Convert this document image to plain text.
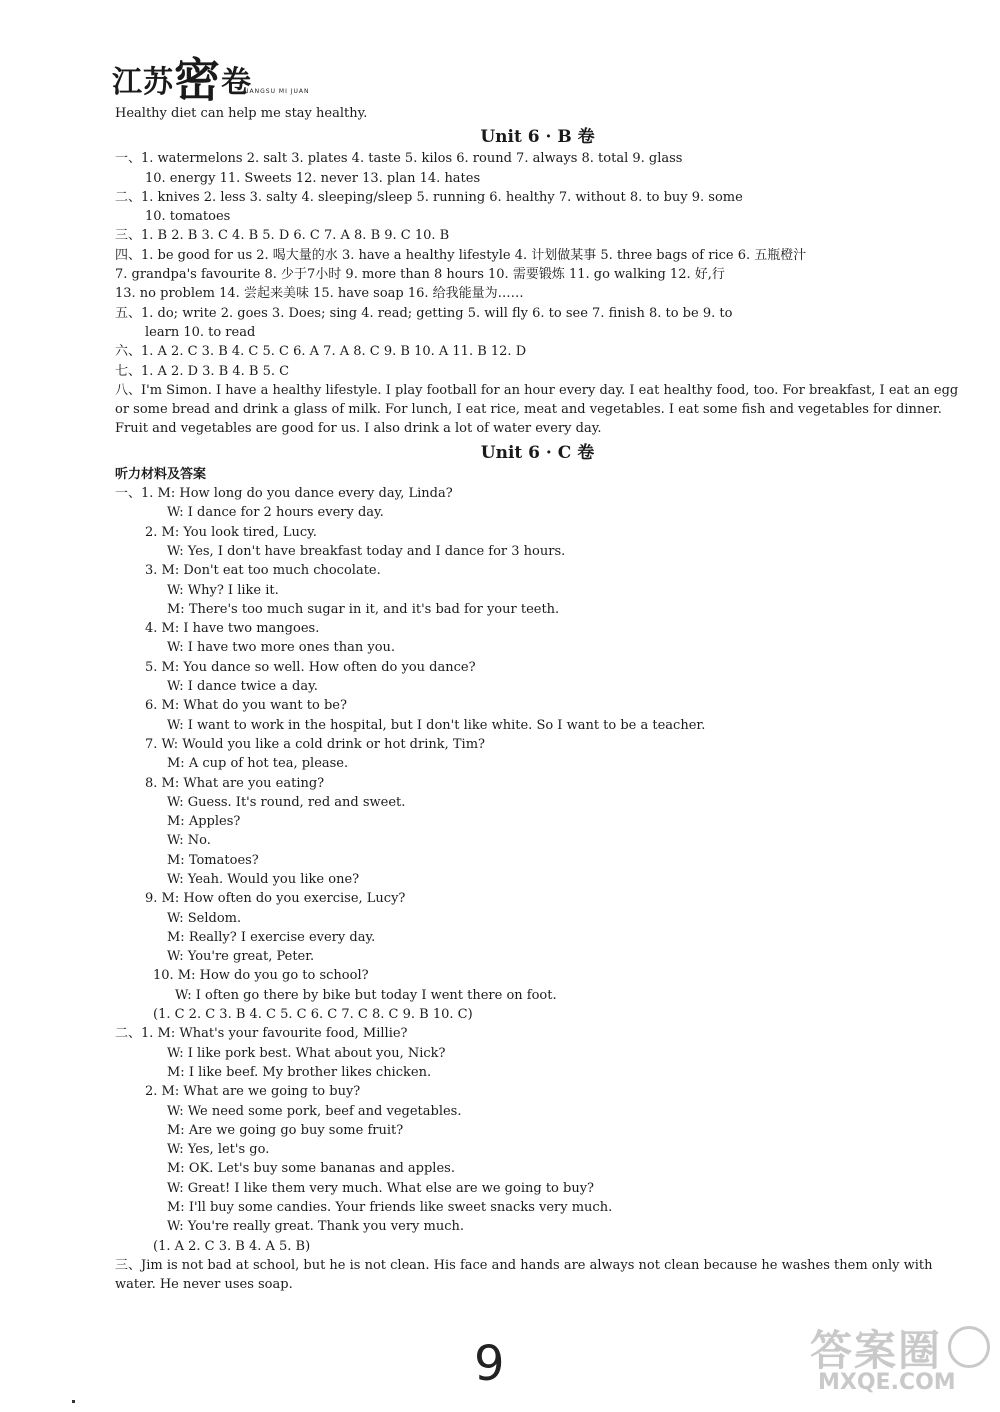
江苏密卷
JIANGSU MI JUAN
Healthy diet can help me stay healthy.
Unit 6 · B 卷
一、1. watermelons 2. salt 3. plates 4. taste 5. kilos 6. round 7. always 8. total 9. glass
10. energy 11. Sweets 12. never 13. plan 14. hates
二、1. knives 2. less 3. salty 4. sleeping/sleep 5. running 6. healthy 7. without 8. to buy 9. some
10. tomatoes
三、1. B 2. B 3. C 4. B 5. D 6. C 7. A 8. B 9. C 10. B
四、1. be good for us 2. 喝大量的水 3. have a healthy lifestyle 4. 计划做某事 5. three bags of rice 6. 五瓶橙汁
7. grandpa's favourite 8. 少于7小时 9. more than 8 hours 10. 需要锻炼 11. go walking 12. 好,行
13. no problem 14. 尝起来美味 15. have soap 16. 给我能量为……
五、1. do; write 2. goes 3. Does; sing 4. read; getting 5. will fly 6. to see 7. finish 8. to be 9. to
learn 10. to read
六、1. A 2. C 3. B 4. C 5. C 6. A 7. A 8. C 9. B 10. A 11. B 12. D
七、1. A 2. D 3. B 4. B 5. C
八、I'm Simon. I have a healthy lifestyle. I play football for an hour every day. I eat healthy food, too. For breakfast, I eat an egg or some bread and drink a glass of milk. For lunch, I eat rice, meat and vegetables. I eat some fish and vegetables for dinner. Fruit and vegetables are good for us. I also drink a lot of water every day.
Unit 6 · C 卷
听力材料及答案
一、1. M: How long do you dance every day, Linda?
W: I dance for 2 hours every day.
2. M: You look tired, Lucy.
W: Yes, I don't have breakfast today and I dance for 3 hours.
3. M: Don't eat too much chocolate.
W: Why? I like it.
M: There's too much sugar in it, and it's bad for your teeth.
4. M: I have two mangoes.
W: I have two more ones than you.
5. M: You dance so well. How often do you dance?
W: I dance twice a day.
6. M: What do you want to be?
W: I want to work in the hospital, but I don't like white. So I want to be a teacher.
7. W: Would you like a cold drink or hot drink, Tim?
M: A cup of hot tea, please.
8. M: What are you eating?
W: Guess. It's round, red and sweet.
M: Apples?
W: No.
M: Tomatoes?
W: Yeah. Would you like one?
9. M: How often do you exercise, Lucy?
W: Seldom.
M: Really? I exercise every day.
W: You're great, Peter.
10. M: How do you go to school?
W: I often go there by bike but today I went there on foot.
(1. C 2. C 3. B 4. C 5. C 6. C 7. C 8. C 9. B 10. C)
二、1. M: What's your favourite food, Millie?
W: I like pork best. What about you, Nick?
M: I like beef. My brother likes chicken.
2. M: What are we going to buy?
W: We need some pork, beef and vegetables.
M: Are we going go buy some fruit?
W: Yes, let's go.
M: OK. Let's buy some bananas and apples.
W: Great! I like them very much. What else are we going to buy?
M: I'll buy some candies. Your friends like sweet snacks very much.
W: You're really great. Thank you very much.
(1. A 2. C 3. B 4. A 5. B)
三、Jim is not bad at school, but he is not clean. His face and hands are always not clean because he washes them only with water. He never uses soap.
9	答案圈
MXQE.COM
